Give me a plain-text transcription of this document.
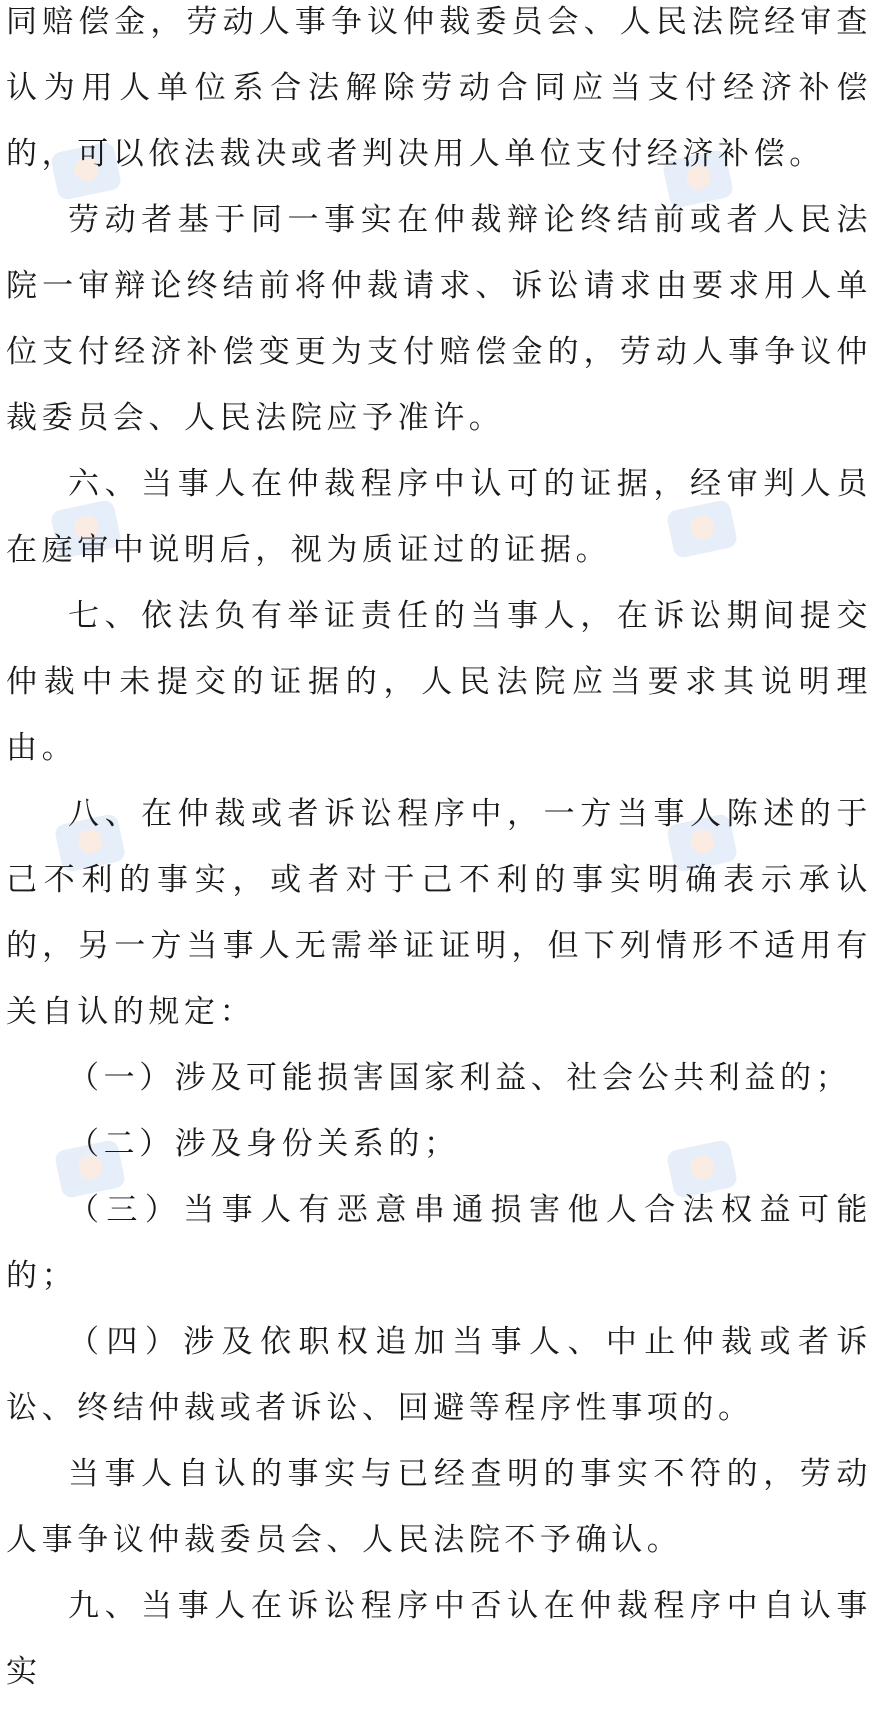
同赔偿金，劳动人事争议仲裁委员会、人民法院经审查认为用人单位系合法解除劳动合同应当支付经济补偿的，可以依法裁决或者判决用人单位支付经济补偿。

劳动者基于同一事实在仲裁辩论终结前或者人民法院一审辩论终结前将仲裁请求、诉讼请求由要求用人单位支付经济补偿变更为支付赔偿金的，劳动人事争议仲裁委员会、人民法院应予准许。

六、当事人在仲裁程序中认可的证据，经审判人员在庭审中说明后，视为质证过的证据。

七、依法负有举证责任的当事人，在诉讼期间提交仲裁中未提交的证据的，人民法院应当要求其说明理由。

八、在仲裁或者诉讼程序中，一方当事人陈述的于己不利的事实，或者对于己不利的事实明确表示承认的，另一方当事人无需举证证明，但下列情形不适用有关自认的规定：

（一）涉及可能损害国家利益、社会公共利益的；

（二）涉及身份关系的；

（三）当事人有恶意串通损害他人合法权益可能的；

（四）涉及依职权追加当事人、中止仲裁或者诉讼、终结仲裁或者诉讼、回避等程序性事项的。

当事人自认的事实与已经查明的事实不符的，劳动人事争议仲裁委员会、人民法院不予确认。

九、当事人在诉讼程序中否认在仲裁程序中自认事实
